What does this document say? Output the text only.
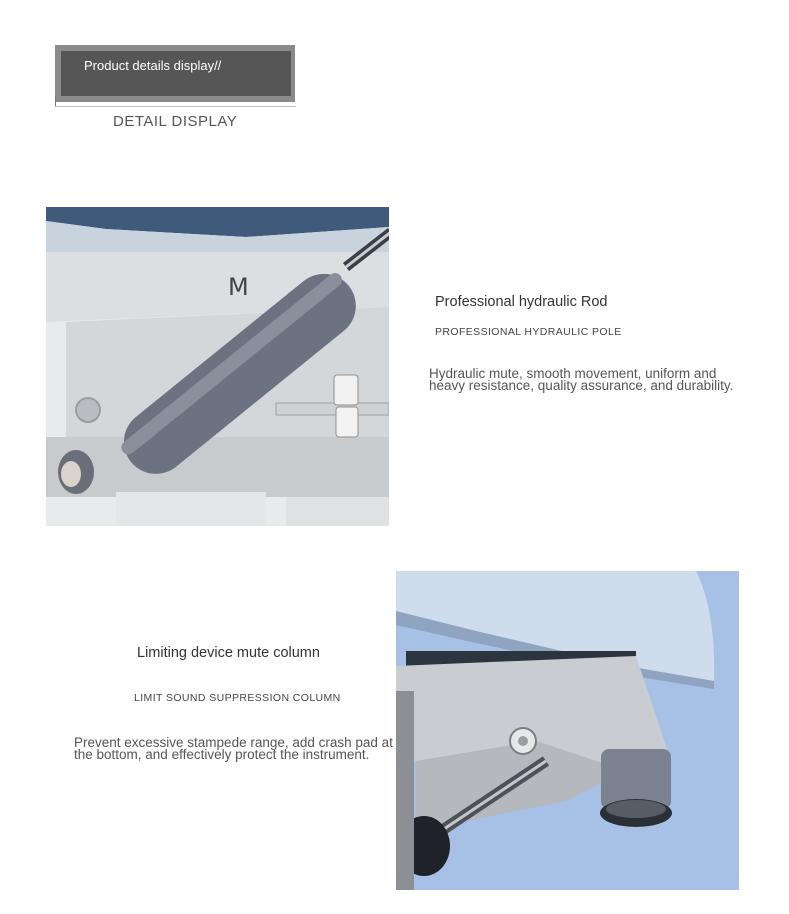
Product details display//
DETAIL DISPLAY
M
Professional hydraulic Rod
PROFESSIONAL HYDRAULIC POLE
Hydraulic mute, smooth movement, uniform and heavy resistance, quality assurance, and durability.
Limiting device mute column
LIMIT SOUND SUPPRESSION COLUMN
Prevent excessive stampede range, add crash pad at the bottom, and effectively protect the instrument.
